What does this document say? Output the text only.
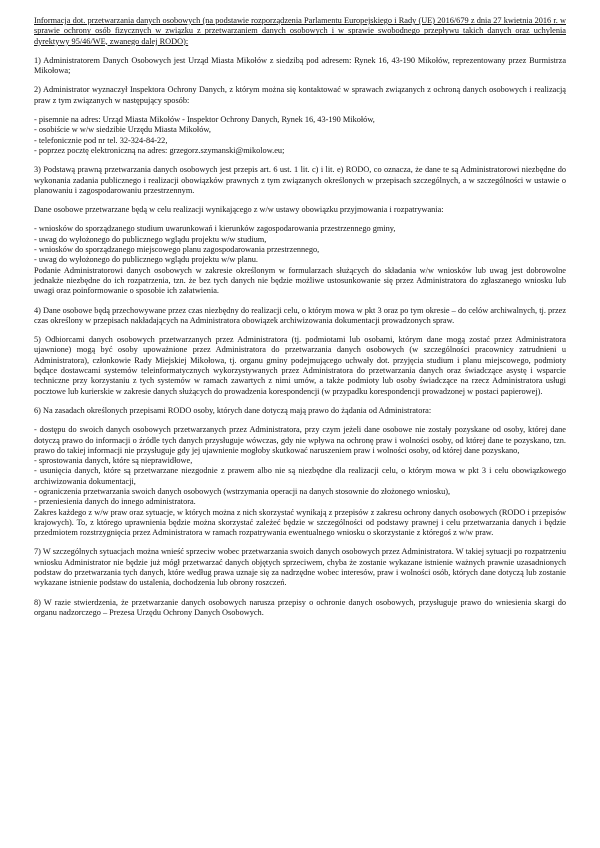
Informacja dot. przetwarzania danych osobowych (na podstawie rozporządzenia Parlamentu Europejskiego i Rady (UE) 2016/679 z dnia 27 kwietnia 2016 r. w sprawie ochrony osób fizycznych w związku z przetwarzaniem danych osobowych i w sprawie swobodnego przepływu takich danych oraz uchylenia dyrektywy 95/46/WE, zwanego dalej RODO):

1) Administratorem Danych Osobowych jest Urząd Miasta Mikołów z siedzibą pod adresem: Rynek 16, 43-190 Mikołów, reprezentowany przez Burmistrza Mikołowa;

2) Administrator wyznaczył Inspektora Ochrony Danych, z którym można się kontaktować w sprawach związanych z ochroną danych osobowych i realizacją praw z tym związanych w następujący sposób:

- pisemnie na adres: Urząd Miasta Mikołów - Inspektor Ochrony Danych, Rynek 16, 43-190 Mikołów,
- osobiście w w/w siedzibie Urzędu Miasta Mikołów,
- telefonicznie pod nr tel. 32-324-84-22,
- poprzez pocztę elektroniczną na adres: grzegorz.szymanski@mikolow.eu;

3) Podstawą prawną przetwarzania danych osobowych jest przepis art. 6 ust. 1 lit. c) i lit. e) RODO, co oznacza, że dane te są Administratorowi niezbędne do wykonania zadania publicznego i realizacji obowiązków prawnych z tym związanych określonych w przepisach szczególnych, a w szczególności w ustawie o planowaniu i zagospodarowaniu przestrzennym.

Dane osobowe przetwarzane będą w celu realizacji wynikającego z w/w ustawy obowiązku przyjmowania i rozpatrywania:

- wniosków do sporządzanego studium uwarunkowań i kierunków zagospodarowania przestrzennego gminy,
- uwag do wyłożonego do publicznego wglądu projektu w/w studium,
- wniosków do sporządzanego miejscowego planu zagospodarowania przestrzennego,
- uwag do wyłożonego do publicznego wglądu projektu w/w planu.

Podanie Administratorowi danych osobowych w zakresie określonym w formularzach służących do składania w/w wniosków lub uwag jest dobrowolne jednakże niezbędne do ich rozpatrzenia, tzn. że bez tych danych nie będzie możliwe ustosunkowanie się przez Administratora do zgłaszanego wniosku lub uwagi oraz poinformowanie o sposobie ich załatwienia.

4) Dane osobowe będą przechowywane przez czas niezbędny do realizacji celu, o którym mowa w pkt 3 oraz po tym okresie – do celów archiwalnych, tj. przez czas określony w przepisach nakładających na Administratora obowiązek archiwizowania dokumentacji prowadzonych spraw.

5) Odbiorcami danych osobowych przetwarzanych przez Administratora (tj. podmiotami lub osobami, którym dane mogą zostać przez Administratora ujawnione) mogą być osoby upoważnione przez Administratora do przetwarzania danych osobowych (w szczególności pracownicy zatrudnieni u Administratora), członkowie Rady Miejskiej Mikołowa, tj. organu gminy podejmującego uchwały dot. przyjęcia studium i planu miejscowego, podmioty będące dostawcami systemów teleinformatycznych wykorzystywanych przez Administratora do przetwarzania danych oraz świadczące asystę i wsparcie techniczne przy korzystaniu z tych systemów w ramach zawartych z nimi umów, a także podmioty lub osoby świadczące na rzecz Administratora usługi pocztowe lub kurierskie w zakresie danych służących do prowadzenia korespondencji (w przypadku korespondencji prowadzonej w postaci papierowej).

6) Na zasadach określonych przepisami RODO osoby, których dane dotyczą mają prawo do żądania od Administratora:

- dostępu do swoich danych osobowych przetwarzanych przez Administratora, przy czym jeżeli dane osobowe nie zostały pozyskane od osoby, której dane dotyczą prawo do informacji o źródle tych danych przysługuje wówczas, gdy nie wpływa na ochronę praw i wolności osoby, od której dane te pozyskano, tzn. prawo do takiej informacji nie przysługuje gdy jej ujawnienie mogłoby skutkować naruszeniem praw i wolności osoby, od której dane pozyskano,
- sprostowania danych, które są nieprawidłowe,
- usunięcia danych, które są przetwarzane niezgodnie z prawem albo nie są niezbędne dla realizacji celu, o którym mowa w pkt 3 i celu obowiązkowego archiwizowania dokumentacji,
- ograniczenia przetwarzania swoich danych osobowych (wstrzymania operacji na danych stosownie do złożonego wniosku),
- przeniesienia danych do innego administratora.

Zakres każdego z w/w praw oraz sytuacje, w których można z nich skorzystać wynikają z przepisów z zakresu ochrony danych osobowych (RODO i przepisów krajowych). To, z którego uprawnienia będzie można skorzystać zależeć będzie w szczególności od podstawy prawnej i celu przetwarzania danych i będzie przedmiotem rozstrzygnięcia przez Administratora w ramach rozpatrywania ewentualnego wniosku o skorzystanie z któregoś z w/w praw.

7) W szczególnych sytuacjach można wnieść sprzeciw wobec przetwarzania swoich danych osobowych przez Administratora. W takiej sytuacji po rozpatrzeniu wniosku Administrator nie będzie już mógł przetwarzać danych objętych sprzeciwem, chyba że zostanie wykazane istnienie ważnych prawnie uzasadnionych podstaw do przetwarzania tych danych, które według prawa uznaje się za nadrzędne wobec interesów, praw i wolności osób, których dane dotyczą lub zostanie wykazane istnienie podstaw do ustalenia, dochodzenia lub obrony roszczeń.

8) W razie stwierdzenia, że przetwarzanie danych osobowych narusza przepisy o ochronie danych osobowych, przysługuje prawo do wniesienia skargi do organu nadzorczego – Prezesa Urzędu Ochrony Danych Osobowych.
